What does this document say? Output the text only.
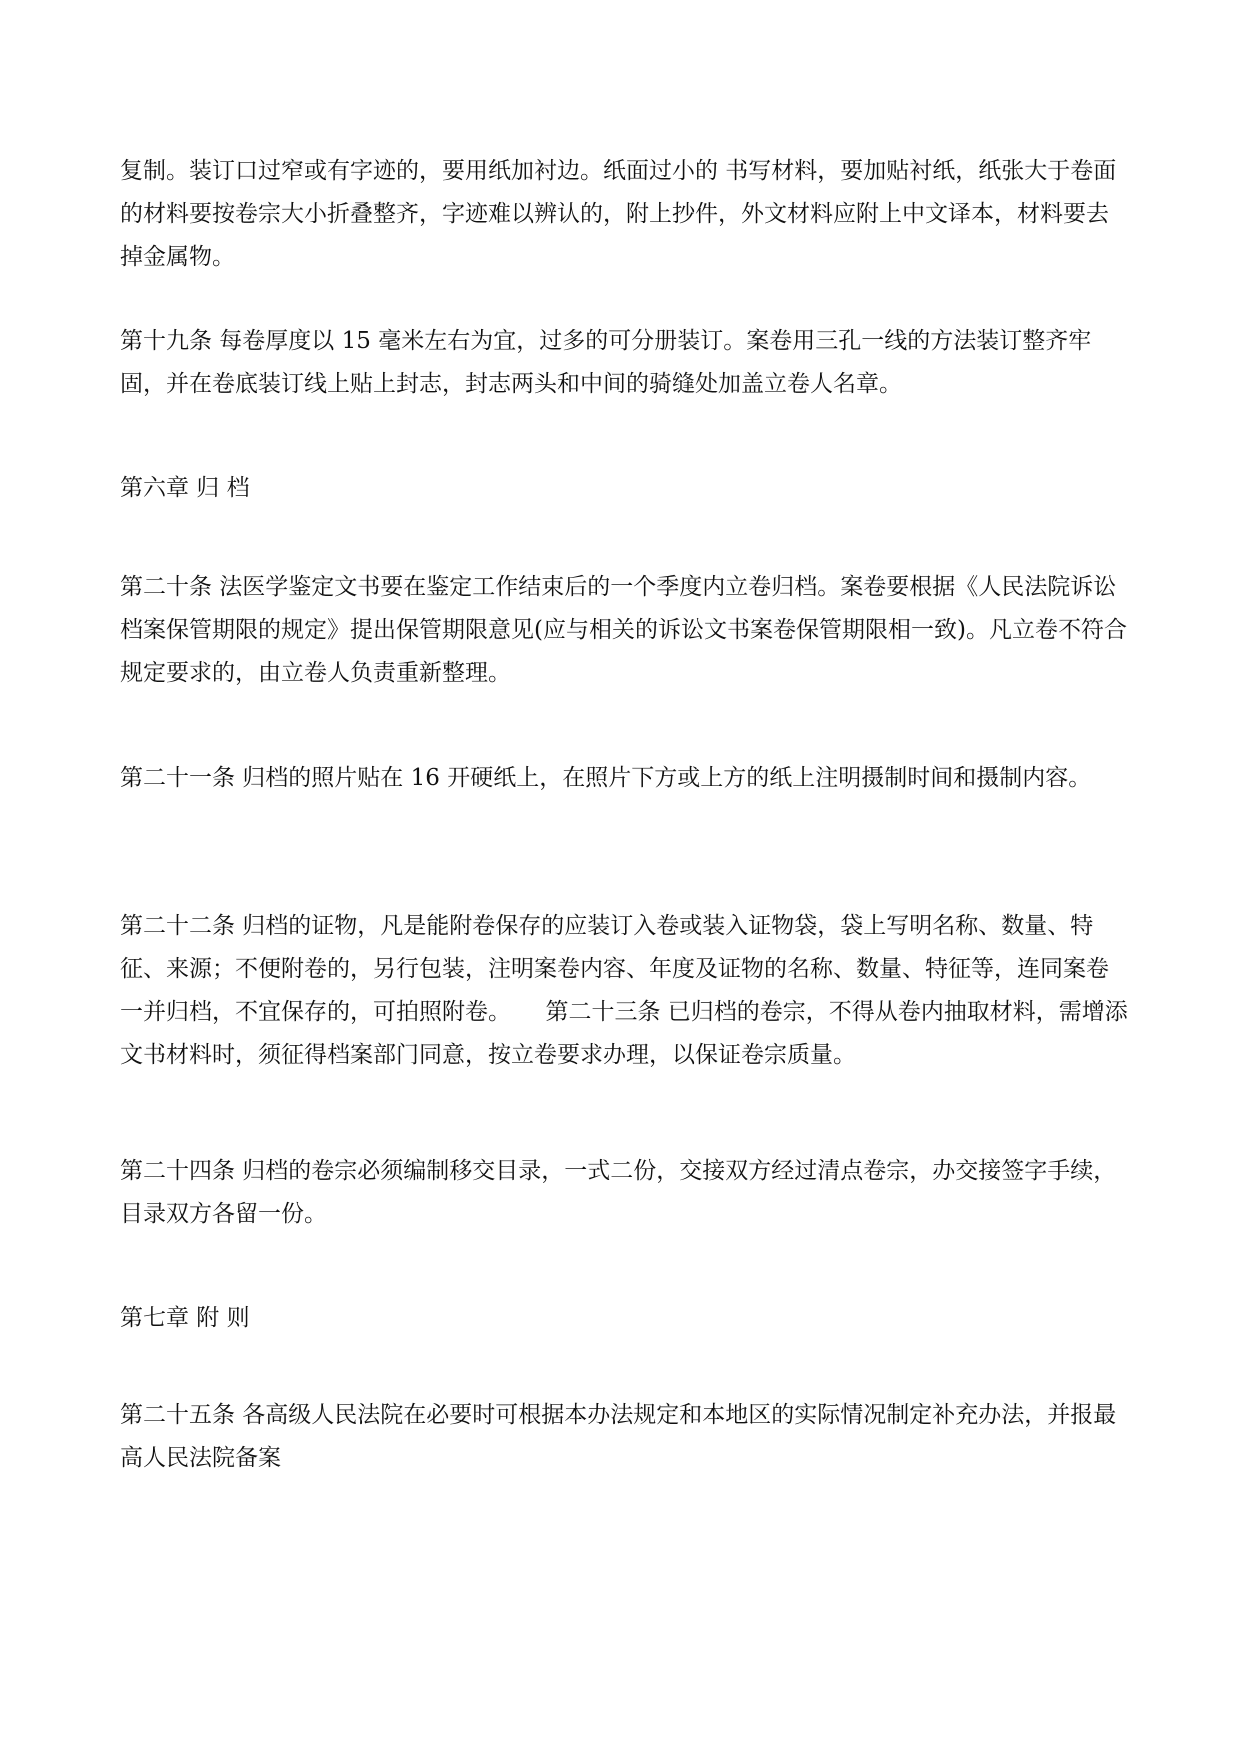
复制。装订口过窄或有字迹的，要用纸加衬边。纸面过小的 书写材料，要加贴衬纸，纸张大于卷面的材料要按卷宗大小折叠整齐，字迹难以辨认的，附上抄件，外文材料应附上中文译本，材料要去掉金属物。

第十九条 每卷厚度以 15 毫米左右为宜，过多的可分册装订。案卷用三孔一线的方法装订整齐牢固，并在卷底装订线上贴上封志，封志两头和中间的骑缝处加盖立卷人名章。

第六章 归 档

第二十条 法医学鉴定文书要在鉴定工作结束后的一个季度内立卷归档。案卷要根据《人民法院诉讼档案保管期限的规定》提出保管期限意见(应与相关的诉讼文书案卷保管期限相一致)。凡立卷不符合规定要求的，由立卷人负责重新整理。

第二十一条 归档的照片贴在 16 开硬纸上，在照片下方或上方的纸上注明摄制时间和摄制内容。

第二十二条 归档的证物，凡是能附卷保存的应装订入卷或装入证物袋，袋上写明名称、数量、特征、来源；不便附卷的，另行包装，注明案卷内容、年度及证物的名称、数量、特征等，连同案卷一并归档，不宜保存的，可拍照附卷。　　第二十三条 已归档的卷宗，不得从卷内抽取材料，需增添文书材料时，须征得档案部门同意，按立卷要求办理，以保证卷宗质量。

第二十四条 归档的卷宗必须编制移交目录，一式二份，交接双方经过清点卷宗，办交接签字手续，目录双方各留一份。

第七章 附 则

第二十五条 各高级人民法院在必要时可根据本办法规定和本地区的实际情况制定补充办法，并报最高人民法院备案
